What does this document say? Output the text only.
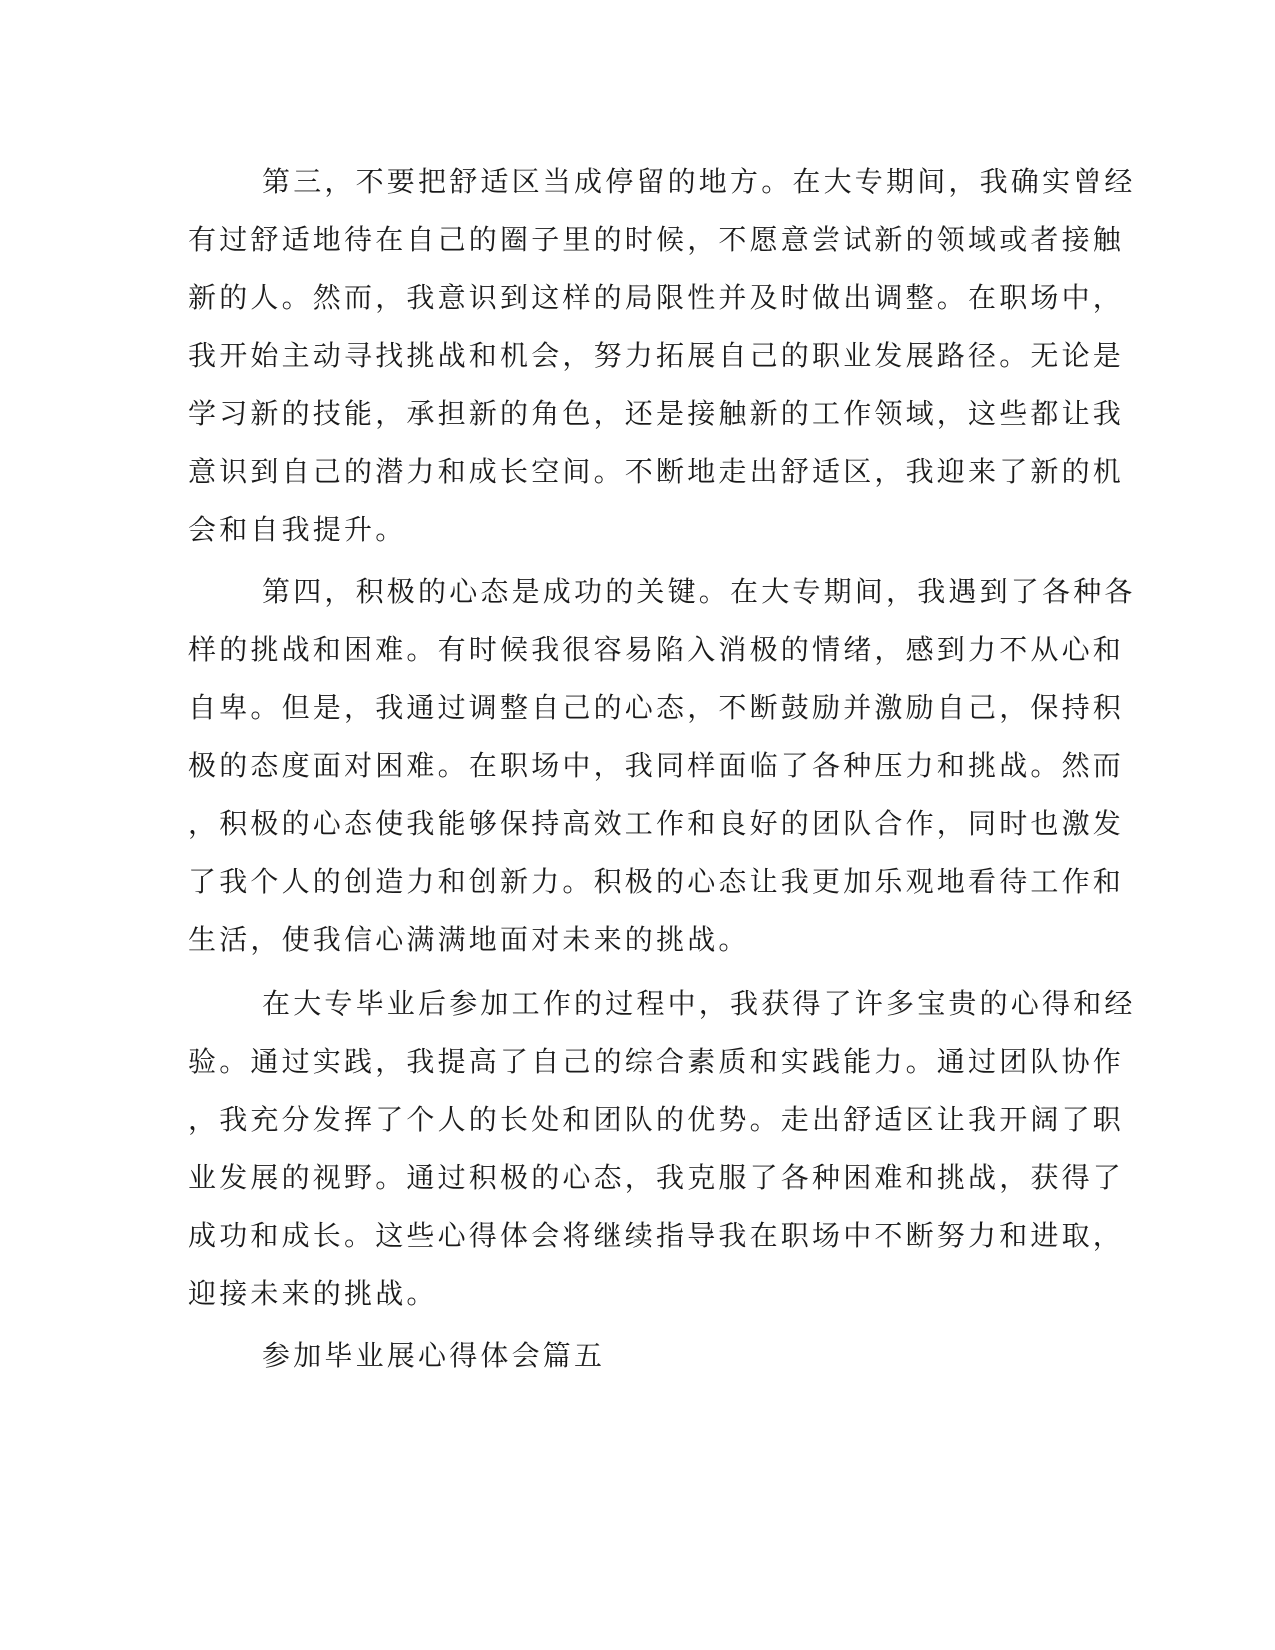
第三，不要把舒适区当成停留的地方。在大专期间，我确实曾经
有过舒适地待在自己的圈子里的时候，不愿意尝试新的领域或者接触
新的人。然而，我意识到这样的局限性并及时做出调整。在职场中，
我开始主动寻找挑战和机会，努力拓展自己的职业发展路径。无论是
学习新的技能，承担新的角色，还是接触新的工作领域，这些都让我
意识到自己的潜力和成长空间。不断地走出舒适区，我迎来了新的机
会和自我提升。
第四，积极的心态是成功的关键。在大专期间，我遇到了各种各
样的挑战和困难。有时候我很容易陷入消极的情绪，感到力不从心和
自卑。但是，我通过调整自己的心态，不断鼓励并激励自己，保持积
极的态度面对困难。在职场中，我同样面临了各种压力和挑战。然而
，积极的心态使我能够保持高效工作和良好的团队合作，同时也激发
了我个人的创造力和创新力。积极的心态让我更加乐观地看待工作和
生活，使我信心满满地面对未来的挑战。
在大专毕业后参加工作的过程中，我获得了许多宝贵的心得和经
验。通过实践，我提高了自己的综合素质和实践能力。通过团队协作
，我充分发挥了个人的长处和团队的优势。走出舒适区让我开阔了职
业发展的视野。通过积极的心态，我克服了各种困难和挑战，获得了
成功和成长。这些心得体会将继续指导我在职场中不断努力和进取，
迎接未来的挑战。
参加毕业展心得体会篇五
